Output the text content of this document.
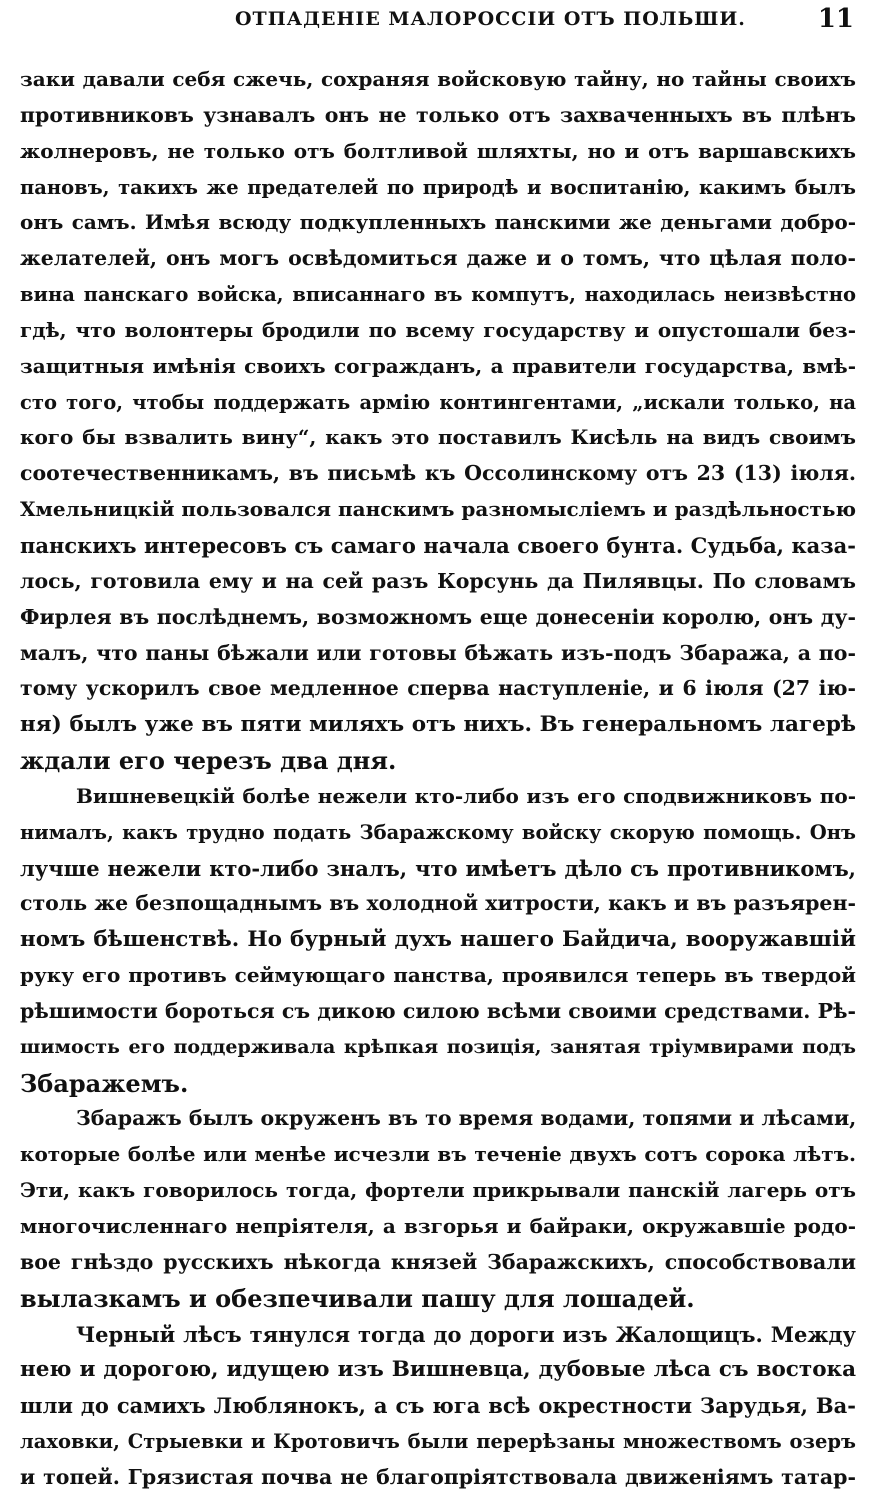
ОТПАДЕНІЕ МАЛОРОССІИ ОТЪ ПОЛЬШИ.	11
заки давали себя сжечь, сохраняя войсковую тайну, но тайны своихъ
противниковъ узнавалъ онъ не только отъ захваченныхъ въ плѣнъ
жолнеровъ, не только отъ болтливой шляхты, но и отъ варшавскихъ
пановъ, такихъ же предателей по природѣ и воспитанію, какимъ былъ
онъ самъ. Имѣя всюду подкупленныхъ панскими же деньгами добро-
желателей, онъ могъ освѣдомиться даже и о томъ, что цѣлая поло-
вина панскаго войска, вписаннаго въ компутъ, находилась неизвѣстно
гдѣ, что волонтеры бродили по всему государству и опустошали без-
защитныя имѣнія своихъ согражданъ, а правители государства, вмѣ-
сто того, чтобы поддержать армію контингентами, „искали только, на
кого бы взвалить вину“, какъ это поставилъ Кисѣль на видъ своимъ
соотечественникамъ, въ письмѣ къ Оссолинскому отъ 23 (13) іюля.
Хмельницкій пользовался панскимъ разномысліемъ и раздѣльностью
панскихъ интересовъ съ самаго начала своего бунта. Судьба, каза-
лось, готовила ему и на сей разъ Корсунь да Пилявцы. По словамъ
Фирлея въ послѣднемъ, возможномъ еще донесеніи королю, онъ ду-
малъ, что паны бѣжали или готовы бѣжать изъ-подъ Збаража, а по-
тому ускорилъ свое медленное сперва наступленіе, и 6 іюля (27 ію-
ня) былъ уже въ пяти миляхъ отъ нихъ. Въ генеральномъ лагерѣ
ждали его черезъ два дня.
Вишневецкій болѣе нежели кто-либо изъ его сподвижниковъ по-
нималъ, какъ трудно подать Збаражскому войску скорую помощь. Онъ
лучше нежели кто-либо зналъ, что имѣетъ дѣло съ противникомъ,
столь же безпощаднымъ въ холодной хитрости, какъ и въ разъярен-
номъ бѣшенствѣ. Но бурный духъ нашего Байдича, вооружавшій
руку его противъ сеймующаго панства, проявился теперь въ твердой
рѣшимости бороться съ дикою силою всѣми своими средствами. Рѣ-
шимость его поддерживала крѣпкая позиція, занятая тріумвирами подъ
Збаражемъ.
Збаражъ былъ окруженъ въ то время водами, топями и лѣсами,
которые болѣе или менѣе исчезли въ теченіе двухъ сотъ сорока лѣтъ.
Эти, какъ говорилось тогда, фортели прикрывали панскій лагерь отъ
многочисленнаго непріятеля, а взгорья и байраки, окружавшіе родо-
вое гнѣздо русскихъ нѣкогда князей Збаражскихъ, способствовали
вылазкамъ и обезпечивали пашу для лошадей.
Черный лѣсъ тянулся тогда до дороги изъ Жалощицъ. Между
нею и дорогою, идущею изъ Вишневца, дубовые лѣса съ востока
шли до самихъ Люблянокъ, а съ юга всѣ окрестности Зарудья, Ва-
лаховки, Стрыевки и Кротовичъ были перерѣзаны множествомъ озеръ
и топей. Грязистая почва не благопріятствовала движеніямъ татар-
